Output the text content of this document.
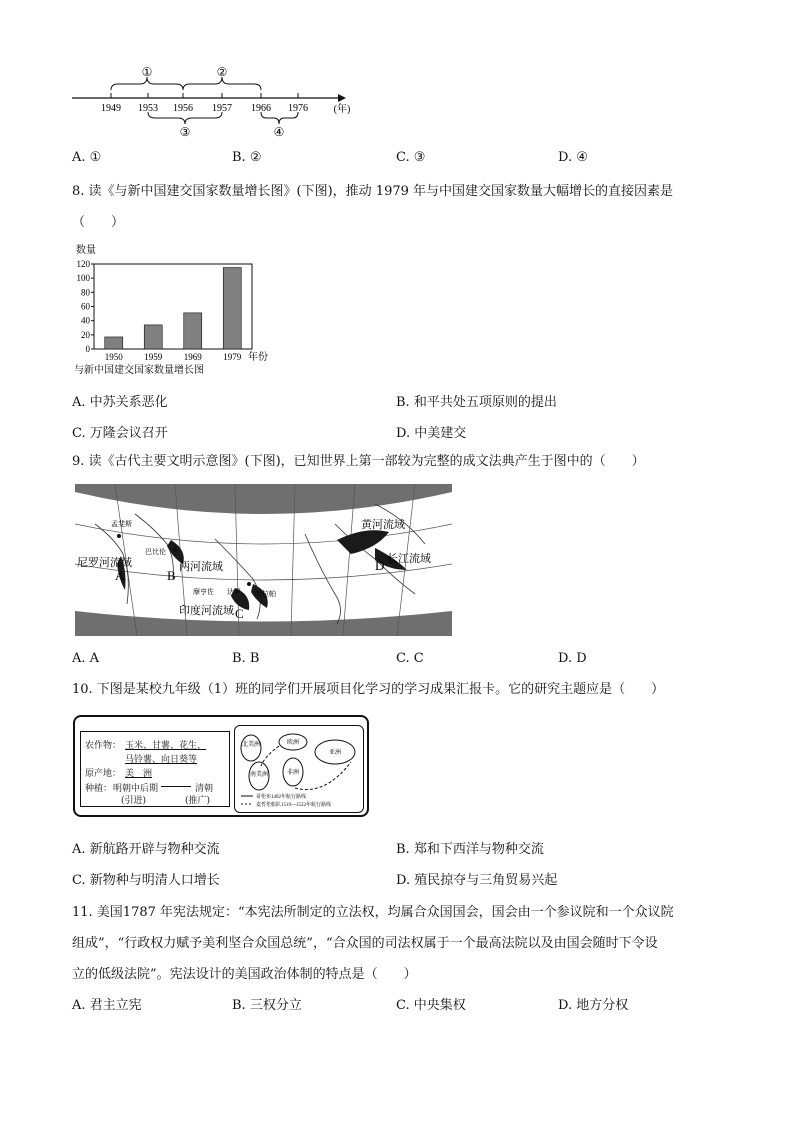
①	②
③	④
1949 1953 1956 1957 1966 1976	(年)
A. ①	B. ②	C. ③	D. ④
8. 读《与新中国建交国家数量增长图》(下图)，推动 1979 年与中国建交国家数量大幅增长的直接因素是
（　　）
数量
0
20
40
60
80
100
120
1950 1959 1969 1979 年份
与新中国建交国家数量增长图
A. 中苏关系恶化	B. 和平共处五项原则的提出
C. 万隆会议召开	D. 中美建交
9. 读《古代主要文明示意图》(下图)，已知世界上第一部较为完整的成文法典产生于图中的（　　）
尼罗河流域	两河流域
印度河流域
黄河流域
长江流域
孟斐斯
巴比伦
摩亨佐 达罗 哈拉帕
A	B
C
D
A. A	B. B	C. C	D. D
10. 下图是某校九年级（1）班的同学们开展项目化学习的学习成果汇报卡。它的研究主题应是（　　）
农作物： 玉米、甘薯、花生、
马铃薯、向日葵等
原产地： 美　洲
种植： 明朝中后期	清朝
(引进)	(推广)
北美洲
南美洲
欧洲
非洲
亚洲
哥伦布1492年航行路线
麦哲伦船队1519—1522年航行路线
A. 新航路开辟与物种交流	B. 郑和下西洋与物种交流
C. 新物种与明清人口增长	D. 殖民掠夺与三角贸易兴起
11. 美国1787 年宪法规定：“本宪法所制定的立法权，均属合众国国会，国会由一个参议院和一个众议院
组成”，“行政权力赋予美利坚合众国总统”，“合众国的司法权属于一个最高法院以及由国会随时下令设
立的低级法院”。宪法设计的美国政治体制的特点是（　　）
A. 君主立宪	B. 三权分立	C. 中央集权	D. 地方分权
